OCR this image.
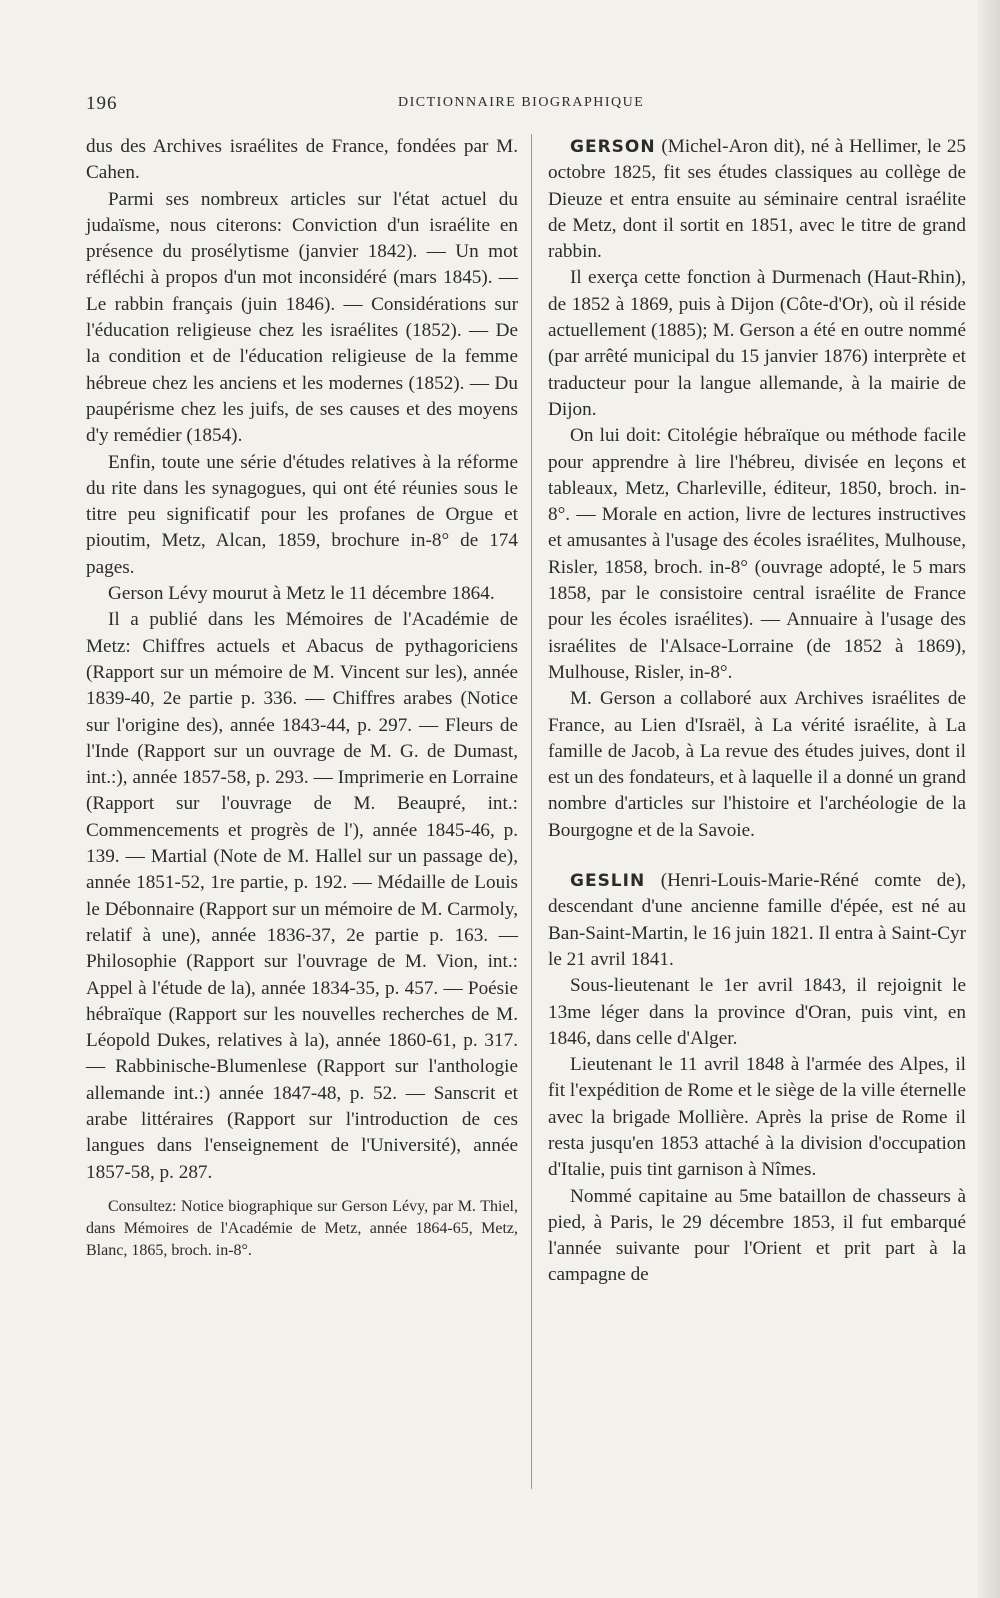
196	DICTIONNAIRE BIOGRAPHIQUE

dus des Archives israélites de France, fondées par M. Cahen.

Parmi ses nombreux articles sur l'état actuel du judaïsme, nous citerons: Conviction d'un israélite en présence du prosélytisme (janvier 1842). — Un mot réfléchi à propos d'un mot inconsidéré (mars 1845). — Le rabbin français (juin 1846). — Considérations sur l'éducation religieuse chez les israélites (1852). — De la condition et de l'éducation religieuse de la femme hébreue chez les anciens et les modernes (1852). — Du paupérisme chez les juifs, de ses causes et des moyens d'y remédier (1854).

Enfin, toute une série d'études relatives à la réforme du rite dans les synagogues, qui ont été réunies sous le titre peu significatif pour les profanes de Orgue et pioutim, Metz, Alcan, 1859, brochure in-8° de 174 pages.

Gerson Lévy mourut à Metz le 11 décembre 1864.

Il a publié dans les Mémoires de l'Académie de Metz: Chiffres actuels et Abacus de pythagoriciens (Rapport sur un mémoire de M. Vincent sur les), année 1839-40, 2e partie p. 336. — Chiffres arabes (Notice sur l'origine des), année 1843-44, p. 297. — Fleurs de l'Inde (Rapport sur un ouvrage de M. G. de Dumast, int.:), année 1857-58, p. 293. — Imprimerie en Lorraine (Rapport sur l'ouvrage de M. Beaupré, int.: Commencements et progrès de l'), année 1845-46, p. 139. — Martial (Note de M. Hallel sur un passage de), année 1851-52, 1re partie, p. 192. — Médaille de Louis le Débonnaire (Rapport sur un mémoire de M. Carmoly, relatif à une), année 1836-37, 2e partie p. 163. — Philosophie (Rapport sur l'ouvrage de M. Vion, int.: Appel à l'étude de la), année 1834-35, p. 457. — Poésie hébraïque (Rapport sur les nouvelles recherches de M. Léopold Dukes, relatives à la), année 1860-61, p. 317. — Rabbinische-Blumenlese (Rapport sur l'anthologie allemande int.:) année 1847-48, p. 52. — Sanscrit et arabe littéraires (Rapport sur l'introduction de ces langues dans l'enseignement de l'Université), année 1857-58, p. 287.

Consultez: Notice biographique sur Gerson Lévy, par M. Thiel, dans Mémoires de l'Académie de Metz, année 1864-65, Metz, Blanc, 1865, broch. in-8°.

GERSON (Michel-Aron dit), né à Hellimer, le 25 octobre 1825, fit ses études classiques au collège de Dieuze et entra ensuite au séminaire central israélite de Metz, dont il sortit en 1851, avec le titre de grand rabbin.

Il exerça cette fonction à Durmenach (Haut-Rhin), de 1852 à 1869, puis à Dijon (Côte-d'Or), où il réside actuellement (1885); M. Gerson a été en outre nommé (par arrêté municipal du 15 janvier 1876) interprète et traducteur pour la langue allemande, à la mairie de Dijon.

On lui doit: Citolégie hébraïque ou méthode facile pour apprendre à lire l'hébreu, divisée en leçons et tableaux, Metz, Charleville, éditeur, 1850, broch. in-8°. — Morale en action, livre de lectures instructives et amusantes à l'usage des écoles israélites, Mulhouse, Risler, 1858, broch. in-8° (ouvrage adopté, le 5 mars 1858, par le consistoire central israélite de France pour les écoles israélites). — Annuaire à l'usage des israélites de l'Alsace-Lorraine (de 1852 à 1869), Mulhouse, Risler, in-8°.

M. Gerson a collaboré aux Archives israélites de France, au Lien d'Israël, à La vérité israélite, à La famille de Jacob, à La revue des études juives, dont il est un des fondateurs, et à laquelle il a donné un grand nombre d'articles sur l'histoire et l'archéologie de la Bourgogne et de la Savoie.

GESLIN (Henri-Louis-Marie-Réné comte de), descendant d'une ancienne famille d'épée, est né au Ban-Saint-Martin, le 16 juin 1821. Il entra à Saint-Cyr le 21 avril 1841.

Sous-lieutenant le 1er avril 1843, il rejoignit le 13me léger dans la province d'Oran, puis vint, en 1846, dans celle d'Alger.

Lieutenant le 11 avril 1848 à l'armée des Alpes, il fit l'expédition de Rome et le siège de la ville éternelle avec la brigade Mollière. Après la prise de Rome il resta jusqu'en 1853 attaché à la division d'occupation d'Italie, puis tint garnison à Nîmes.

Nommé capitaine au 5me bataillon de chasseurs à pied, à Paris, le 29 décembre 1853, il fut embarqué l'année suivante pour l'Orient et prit part à la campagne de
